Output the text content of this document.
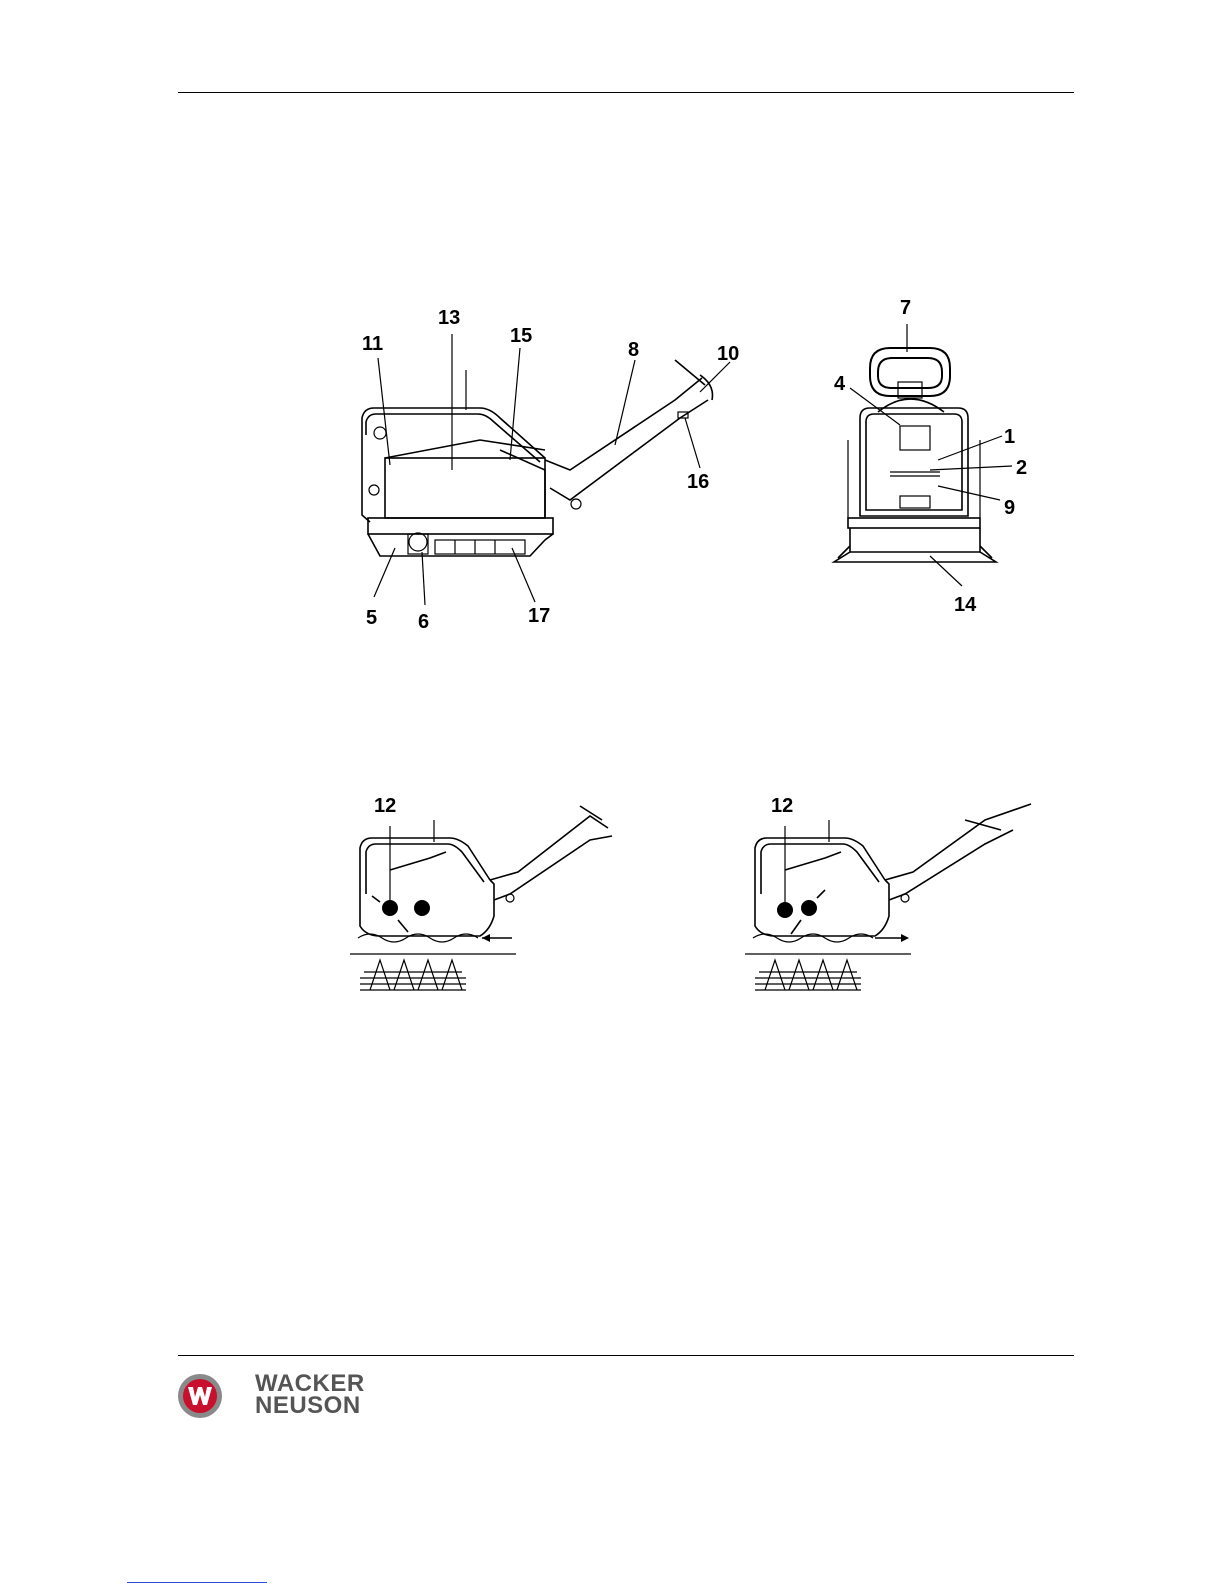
11
13
15
8	10
16
5 6	17
7
4
1
2
9
14
12	12
WACKER
NEUSON
